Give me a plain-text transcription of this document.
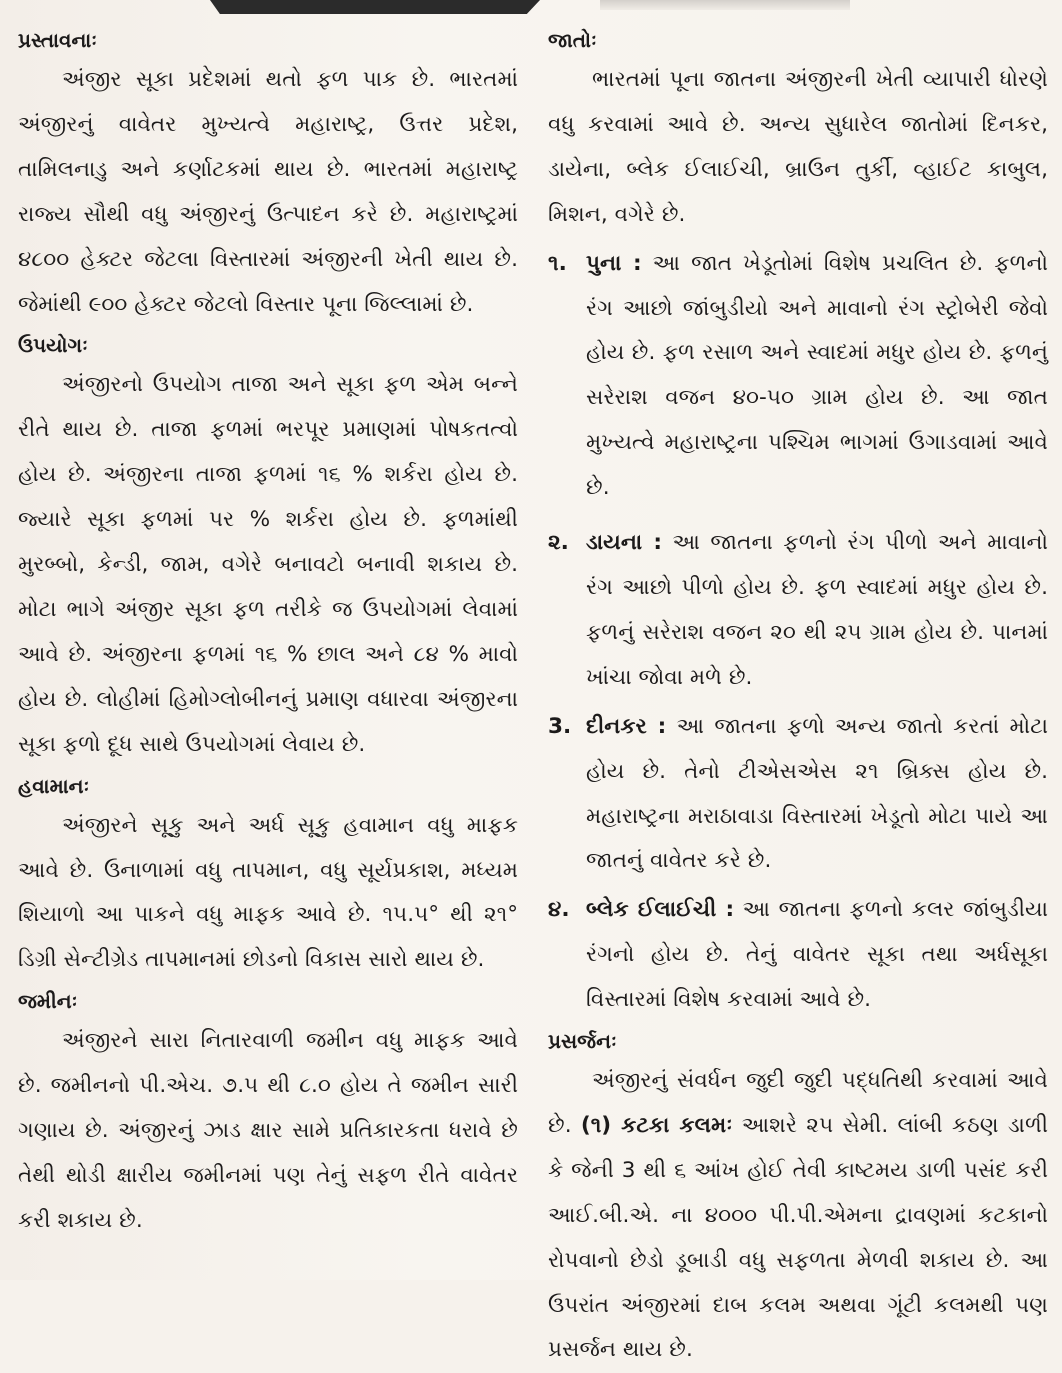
પ્રસ્તાવનાઃ

અંજીર સૂકા પ્રદેશમાં થતો ફળ પાક છે. ભારતમાં અંજીરનું વાવેતર મુખ્યત્વે મહારાષ્ટ્ર, ઉત્તર પ્રદેશ, તામિલનાડુ અને કર્ણાટકમાં થાય છે. ભારતમાં મહારાષ્ટ્ર રાજ્ય સૌથી વધુ અંજીરનું ઉત્પાદન કરે છે. મહારાષ્ટ્રમાં ૪૮૦૦ હેક્ટર જેટલા વિસ્તારમાં અંજીરની ખેતી થાય છે. જેમાંથી ૯૦૦ હેક્ટર જેટલો વિસ્તાર પૂના જિલ્લામાં છે.

ઉપયોગઃ

અંજીરનો ઉપયોગ તાજા અને સૂકા ફળ એમ બન્ને રીતે થાય છે. તાજા ફળમાં ભરપૂર પ્રમાણમાં પોષકતત્વો હોય છે. અંજીરના તાજા ફળમાં ૧૬ % શર્કરા હોય છે. જ્યારે સૂકા ફળમાં પર % શર્કરા હોય છે. ફળમાંથી મુરબ્બો, કેન્ડી, જામ, વગેરે બનાવટો બનાવી શકાય છે. મોટા ભાગે અંજીર સૂકા ફળ તરીકે જ ઉપયોગમાં લેવામાં આવે છે. અંજીરના ફળમાં ૧૬ % છાલ અને ૮૪ % માવો હોય છે. લોહીમાં હિમોગ્લોબીનનું પ્રમાણ વધારવા અંજીરના સૂકા ફળો દૂધ સાથે ઉપયોગમાં લેવાય છે.

હવામાનઃ

અંજીરને સૂકુ અને અર્ધ સૂકુ હવામાન વધુ માફક આવે છે. ઉનાળામાં વધુ તાપમાન, વધુ સૂર્યપ્રકાશ, મધ્યમ શિયાળો આ પાકને વધુ માફક આવે છે. ૧૫.૫° થી ૨૧° ડિગ્રી સેન્ટીગ્રેડ તાપમાનમાં છોડનો વિકાસ સારો થાય છે.

જમીનઃ

અંજીરને સારા નિતારવાળી જમીન વધુ માફક આવે છે. જમીનનો પી.એચ. ૭.૫ થી ૮.૦ હોય તે જમીન સારી ગણાય છે. અંજીરનું ઝાડ ક્ષાર સામે પ્રતિકારકતા ધરાવે છે તેથી થોડી ક્ષારીય જમીનમાં પણ તેનું સફળ રીતે વાવેતર કરી શકાય છે.

જાતોઃ

ભારતમાં પૂના જાતના અંજીરની ખેતી વ્યાપારી ધોરણે વધુ કરવામાં આવે છે. અન્ય સુધારેલ જાતોમાં દિનકર, ડાયેના, બ્લેક ઈલાઈચી, બ્રાઉન તુર્કી, વ્હાઈટ કાબુલ, મિશન, વગેરે છે.

૧. પુના : આ જાત ખેડૂતોમાં વિશેષ પ્રચલિત છે. ફળનો રંગ આછો જાંબુડીયો અને માવાનો રંગ સ્ટ્રોબેરી જેવો હોય છે. ફળ રસાળ અને સ્વાદમાં મધુર હોય છે. ફળનું સરેરાશ વજન ૪૦-૫૦ ગ્રામ હોય છે. આ જાત મુખ્યત્વે મહારાષ્ટ્રના પશ્ચિમ ભાગમાં ઉગાડવામાં આવે છે.
૨. ડાયના : આ જાતના ફળનો રંગ પીળો અને માવાનો રંગ આછો પીળો હોય છે. ફળ સ્વાદમાં મધુર હોય છે. ફળનું સરેરાશ વજન ૨૦ થી ૨૫ ગ્રામ હોય છે. પાનમાં ખાંચા જોવા મળે છે.
3. દીનકર : આ જાતના ફળો અન્ય જાતો કરતાં મોટા હોય છે. તેનો ટીએસએસ ૨૧ બ્રિક્સ હોય છે. મહારાષ્ટ્રના મરાઠાવાડા વિસ્તારમાં ખેડૂતો મોટા પાયે આ જાતનું વાવેતર કરે છે.
૪. બ્લેક ઈલાઈચી : આ જાતના ફળનો કલર જાંબુડીયા રંગનો હોય છે. તેનું વાવેતર સૂકા તથા અર્ધસૂકા વિસ્તારમાં વિશેષ કરવામાં આવે છે.

પ્રસર્જનઃ

અંજીરનું સંવર્ધન જુદી જુદી પદ્ધતિથી કરવામાં આવે છે. (૧) કટકા કલમઃ આશરે ૨૫ સેમી. લાંબી કઠણ ડાળી કે જેની 3 થી ૬ આંખ હોઈ તેવી કાષ્ટમય ડાળી પસંદ કરી આઈ.બી.એ. ના ૪૦૦૦ પી.પી.એમના દ્રાવણમાં કટકાનો રોપવાનો છેડો ડૂબાડી વધુ સફળતા મેળવી શકાય છે. આ ઉપરાંત અંજીરમાં દાબ કલમ અથવા ગૂંટી કલમથી પણ પ્રસર્જન થાય છે.
